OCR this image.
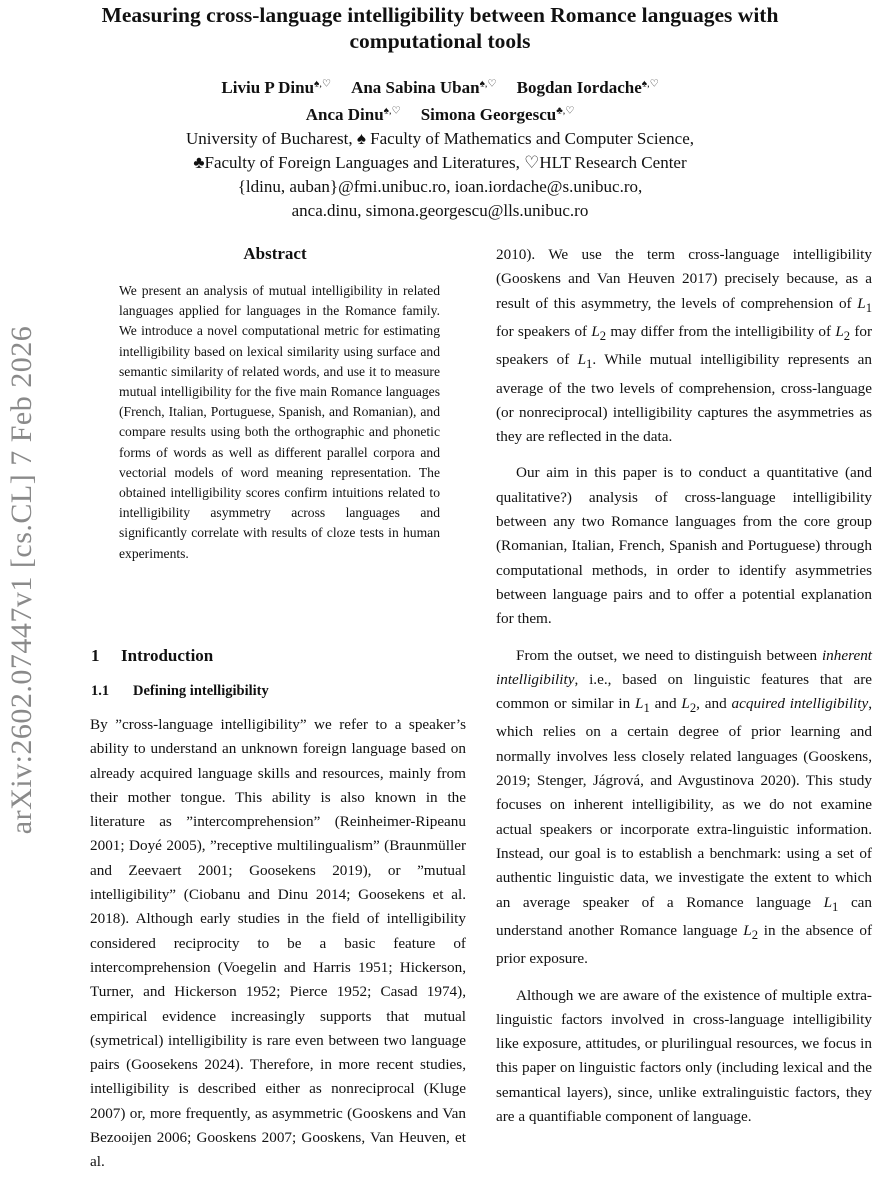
arXiv:2602.07447v1 [cs.CL] 7 Feb 2026
Measuring cross-language intelligibility between Romance languages with computational tools
Liviu P Dinu♠,♡ Ana Sabina Uban♠,♡ Bogdan Iordache♠,♡
Anca Dinu♠,♡ Simona Georgescu♣,♡
University of Bucharest, ♠ Faculty of Mathematics and Computer Science,
♣Faculty of Foreign Languages and Literatures, ♡HLT Research Center
{ldinu, auban}@fmi.unibuc.ro, ioan.iordache@s.unibuc.ro,
anca.dinu, simona.georgescu@lls.unibuc.ro
Abstract
We present an analysis of mutual intelligibility in related languages applied for languages in the Romance family. We introduce a novel computational metric for estimating intelligibility based on lexical similarity using surface and semantic similarity of related words, and use it to measure mutual intelligibility for the five main Romance languages (French, Italian, Portuguese, Spanish, and Romanian), and compare results using both the orthographic and phonetic forms of words as well as different parallel corpora and vectorial models of word meaning representation. The obtained intelligibility scores confirm intuitions related to intelligibility asymmetry across languages and significantly correlate with results of cloze tests in human experiments.
1 Introduction
1.1 Defining intelligibility

By ”cross-language intelligibility” we refer to a speaker’s ability to understand an unknown foreign language based on already acquired language skills and resources, mainly from their mother tongue. This ability is also known in the literature as ”intercomprehension” (Reinheimer-Ripeanu 2001; Doyé 2005), ”receptive multilingualism” (Braunmüller and Zeevaert 2001; Goosekens 2019), or ”mutual intelligibility” (Ciobanu and Dinu 2014; Goosekens et al. 2018). Although early studies in the field of intelligibility considered reciprocity to be a basic feature of intercomprehension (Voegelin and Harris 1951; Hickerson, Turner, and Hickerson 1952; Pierce 1952; Casad 1974), empirical evidence increasingly supports that mutual (symetrical) intelligibility is rare even between two language pairs (Goosekens 2024). Therefore, in more recent studies, intelligibility is described either as nonreciprocal (Kluge 2007) or, more frequently, as asymmetric (Gooskens and Van Bezooijen 2006; Gooskens 2007; Gooskens, Van Heuven, et al.

2010). We use the term cross-language intelligibility (Gooskens and Van Heuven 2017) precisely because, as a result of this asymmetry, the levels of comprehension of $L_1$ for speakers of $L_2$ may differ from the intelligibility of $L_2$ for speakers of $L_1$. While mutual intelligibility represents an average of the two levels of comprehension, cross-language (or nonreciprocal) intelligibility captures the asymmetries as they are reflected in the data.

Our aim in this paper is to conduct a quantitative (and qualitative?) analysis of cross-language intelligibility between any two Romance languages from the core group (Romanian, Italian, French, Spanish and Portuguese) through computational methods, in order to identify asymmetries between language pairs and to offer a potential explanation for them.

From the outset, we need to distinguish between inherent intelligibility, i.e., based on linguistic features that are common or similar in $L_1$ and $L_2$, and acquired intelligibility, which relies on a certain degree of prior learning and normally involves less closely related languages (Gooskens, 2019; Stenger, Jágrová, and Avgustinova 2020). This study focuses on inherent intelligibility, as we do not examine actual speakers or incorporate extra-linguistic information. Instead, our goal is to establish a benchmark: using a set of authentic linguistic data, we investigate the extent to which an average speaker of a Romance language $L_1$ can understand another Romance language $L_2$ in the absence of prior exposure.

Although we are aware of the existence of multiple extra-linguistic factors involved in cross-language intelligibility like exposure, attitudes, or plurilingual resources, we focus in this paper on linguistic factors only (including lexical and the semantical layers), since, unlike extralinguistic factors, they are a quantifiable component of language.
